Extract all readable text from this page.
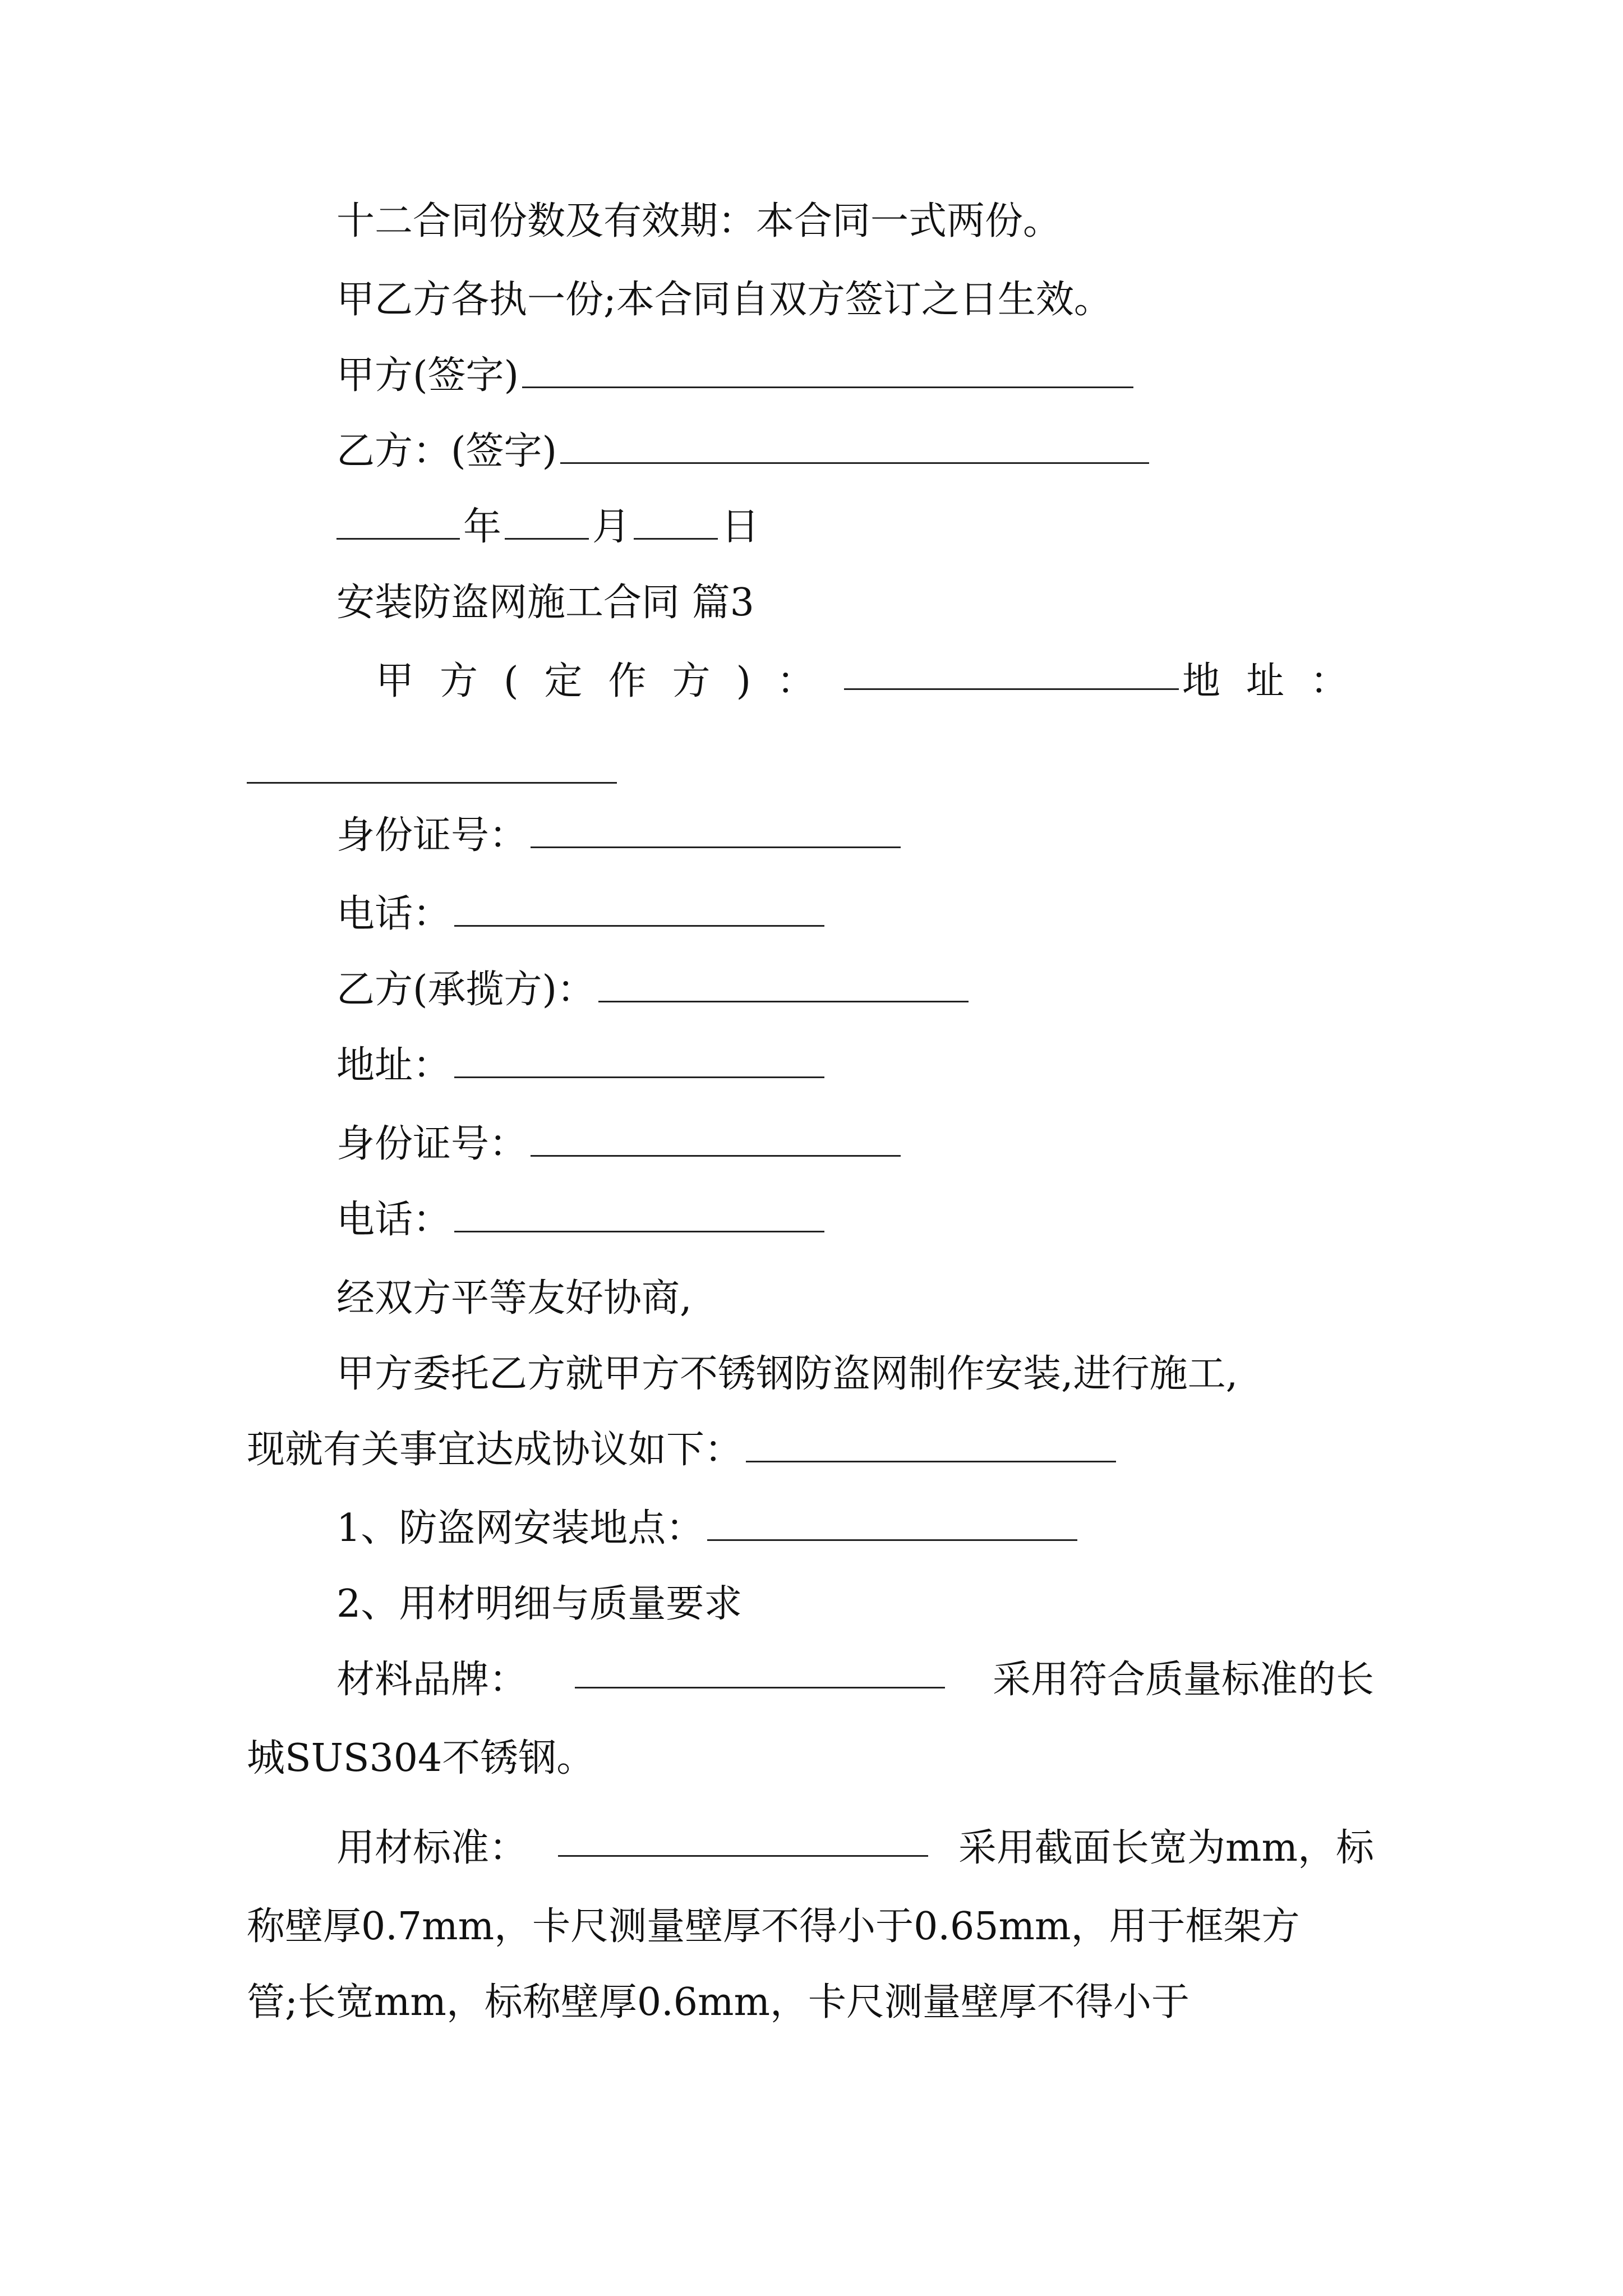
十二合同份数及有效期：本合同一式两份。
甲乙方各执一份;本合同自双方签订之日生效。
甲方(签字)
乙方：(签字)
年 月 日
安装防盗网施工合同 篇3
甲方(定作方)：	地址：
身份证号：
电话：
乙方(承揽方)：
地址：
身份证号：
电话：
经双方平等友好协商,
甲方委托乙方就甲方不锈钢防盗网制作安装,进行施工,
现就有关事宜达成协议如下：
1、防盗网安装地点：
2、用材明细与质量要求
材料品牌：	采用符合质量标准的长
城SUS304不锈钢。
用材标准：	采用截面长宽为mm，标
称壁厚0.7mm，卡尺测量壁厚不得小于0.65mm，用于框架方
管;长宽mm，标称壁厚0.6mm，卡尺测量壁厚不得小于
